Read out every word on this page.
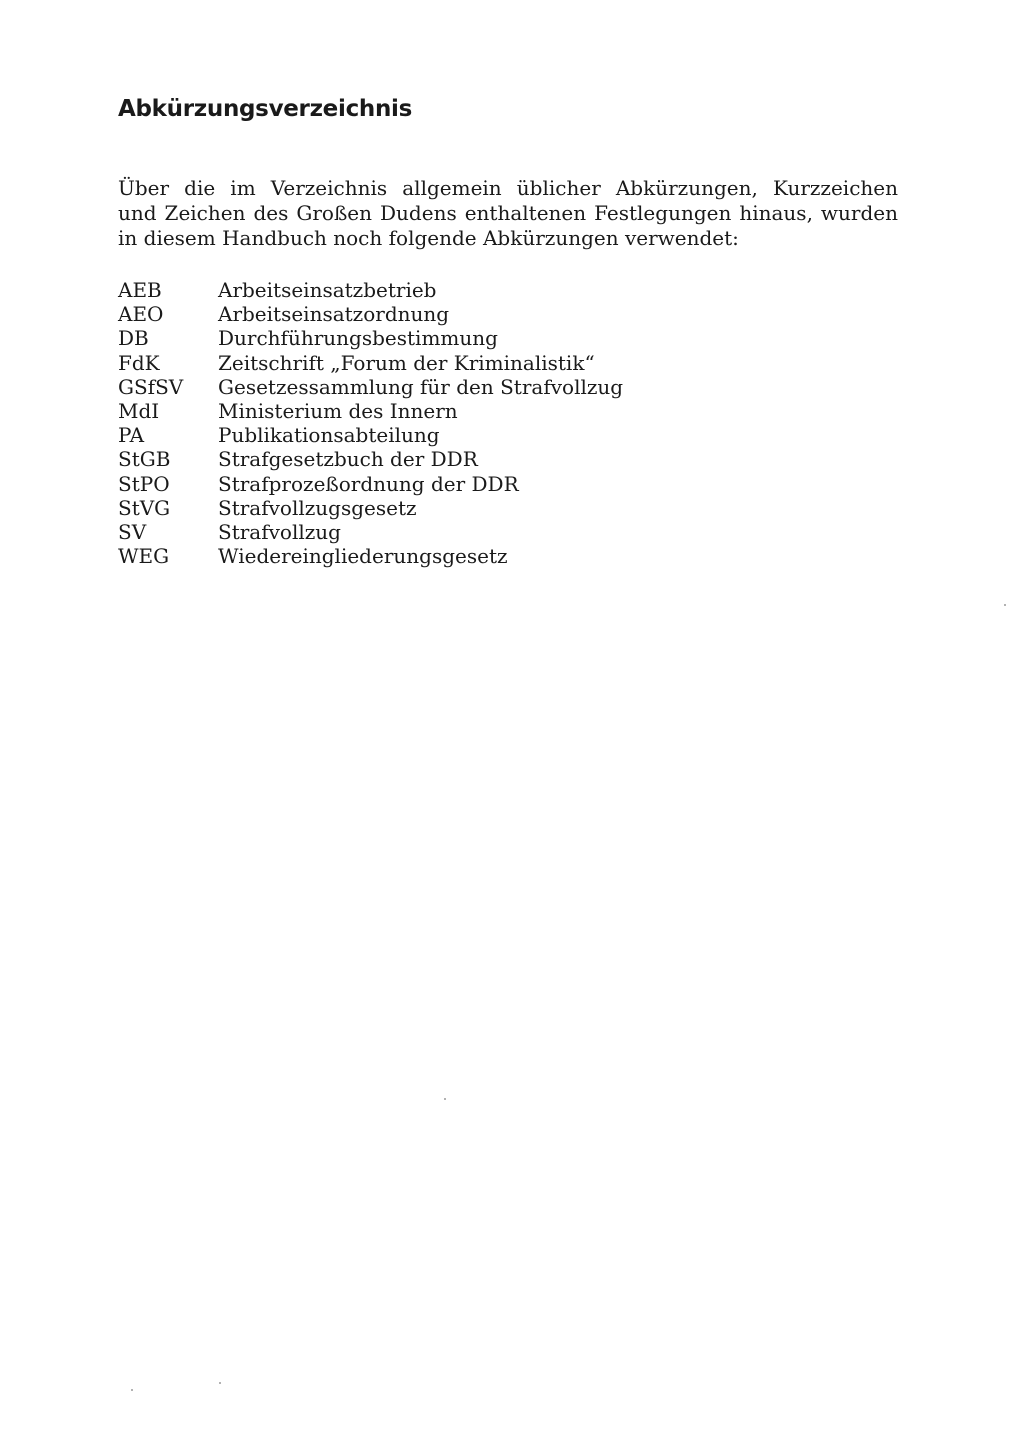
Abkürzungsverzeichnis

Über die im Verzeichnis allgemein üblicher Abkürzungen, Kurzzeichen
und Zeichen des Großen Dudens enthaltenen Festlegungen hinaus, wurden
in diesem Handbuch noch folgende Abkürzungen verwendet:

AEB	Arbeitseinsatzbetrieb
AEO	Arbeitseinsatzordnung
DB	Durchführungsbestimmung
FdK	Zeitschrift „Forum der Kriminalistik“
GSfSV	Gesetzessammlung für den Strafvollzug
MdI	Ministerium des Innern
PA	Publikationsabteilung
StGB	Strafgesetzbuch der DDR
StPO	Strafprozeßordnung der DDR
StVG	Strafvollzugsgesetz
SV	Strafvollzug
WEG	Wiedereingliederungsgesetz
